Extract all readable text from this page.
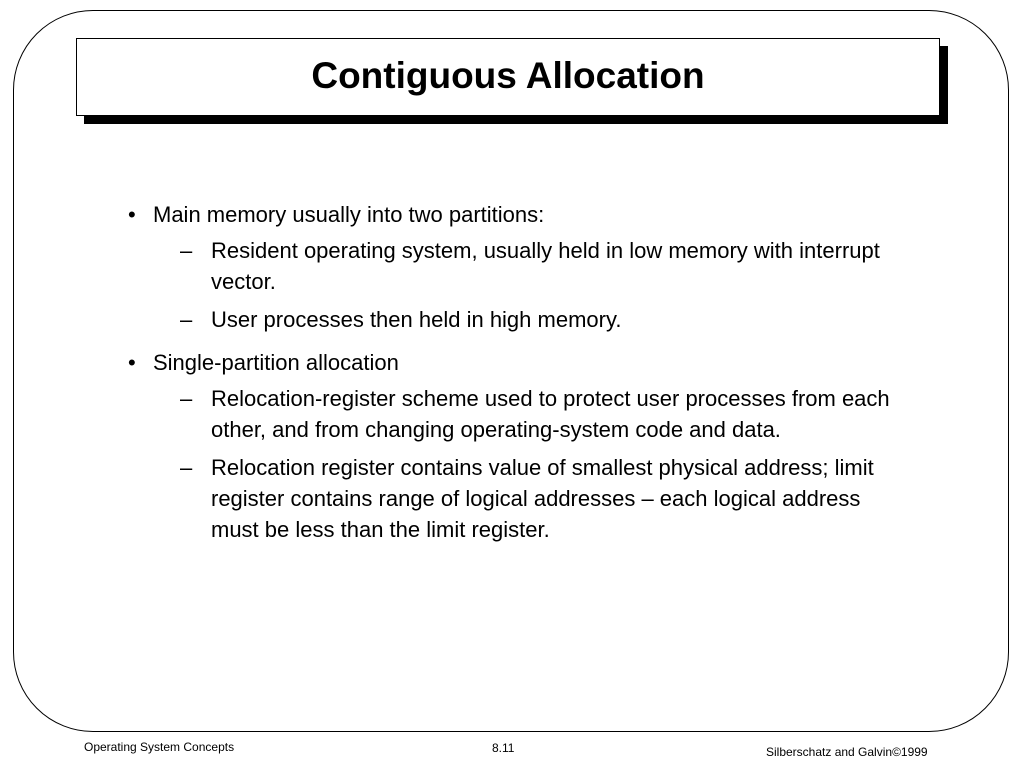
Contiguous Allocation
• Main memory usually into two partitions:
– Resident operating system, usually held in low memory with interrupt vector.
– User processes then held in high memory.
• Single-partition allocation
– Relocation-register scheme used to protect user processes from each other, and from changing operating-system code and data.
– Relocation register contains value of smallest physical address; limit register contains range of logical addresses – each logical address must be less than the limit register.
Operating System Concepts	8.11	Silberschatz and Galvin©1999
